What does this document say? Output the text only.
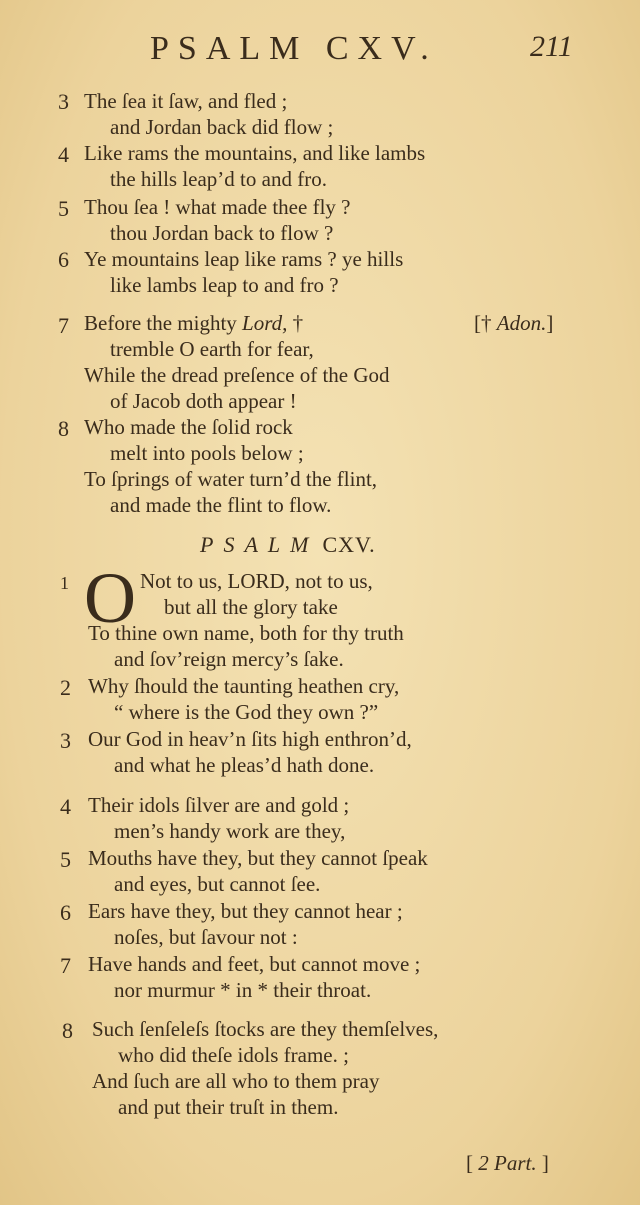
PSALM CXV.	211
3 The ſea it ſaw, and fled ;
and Jordan back did flow ;
4 Like rams the mountains, and like lambs
the hills leap’d to and fro.
5 Thou ſea ! what made thee fly ?
thou Jordan back to flow ?
6 Ye mountains leap like rams ? ye hills
like lambs leap to and fro ?
7 Before the mighty Lord, †	[† Adon.]
tremble O earth for fear,
While the dread preſence of the God
of Jacob doth appear !
8 Who made the ſolid rock
melt into pools below ;
To ſprings of water turn’d the flint,
and made the flint to flow.
PSALM CXV.
1 O Not to us, LORD, not to us,
but all the glory take
To thine own name, both for thy truth
and ſov’reign mercy’s ſake.
2 Why ſhould the taunting heathen cry,
“ where is the God they own ?”
3 Our God in heav’n ſits high enthron’d,
and what he pleas’d hath done.
4 Their idols ſilver are and gold ;
men’s handy work are they,
5 Mouths have they, but they cannot ſpeak
and eyes, but cannot ſee.
6 Ears have they, but they cannot hear ;
noſes, but ſavour not :
7 Have hands and feet, but cannot move ;
nor murmur * in * their throat.
8 Such ſenſeleſs ſtocks are they themſelves,
who did theſe idols frame. ;
And ſuch are all who to them pray
and put their truſt in them.
[ 2 Part. ]
